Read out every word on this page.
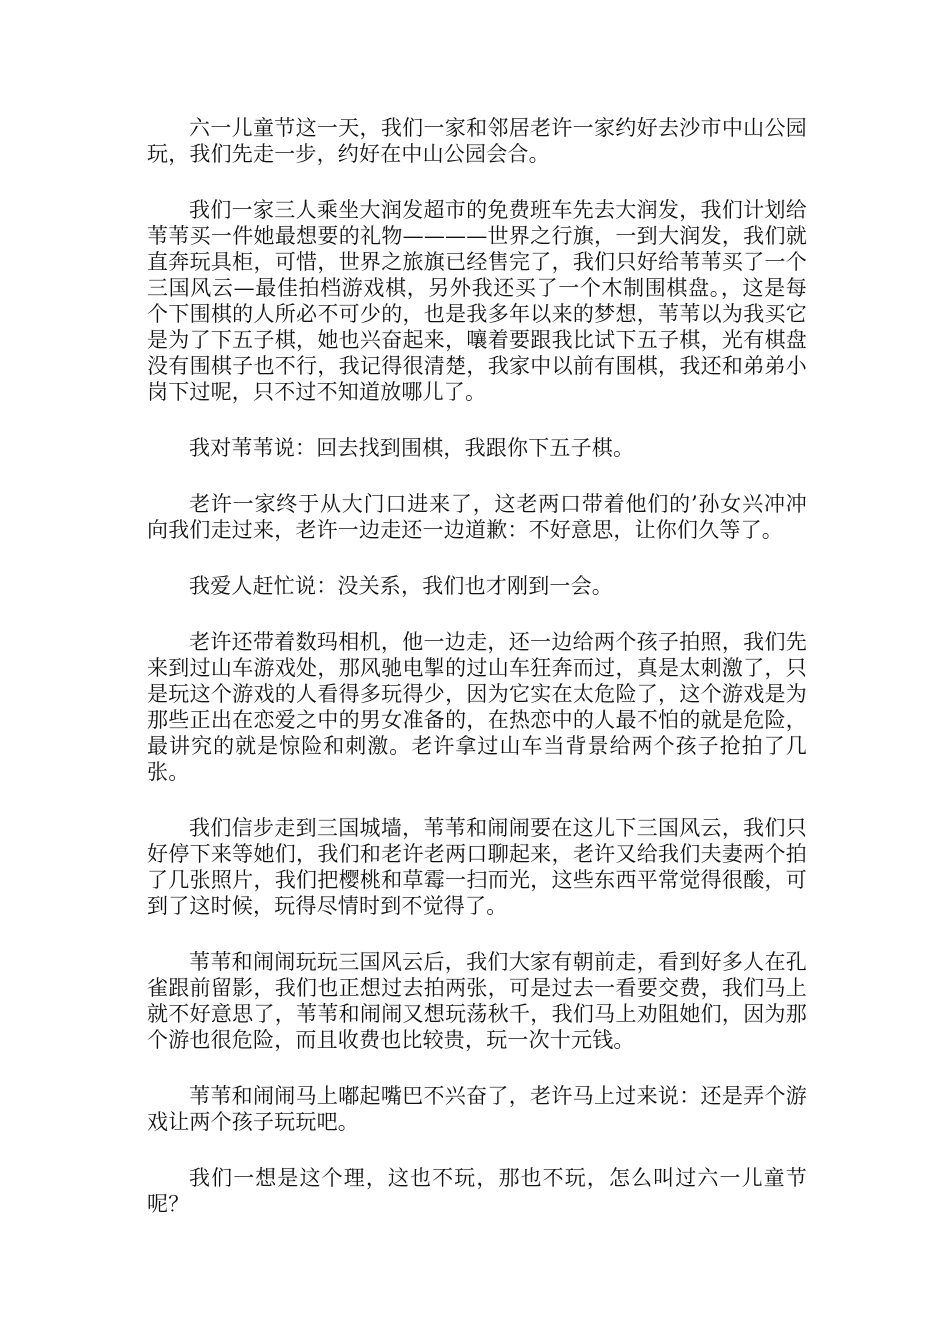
六一儿童节这一天，我们一家和邻居老许一家约好去沙市中山公园玩，我们先走一步，约好在中山公园会合。

我们一家三人乘坐大润发超市的免费班车先去大润发，我们计划给苇苇买一件她最想要的礼物————世界之行旗，一到大润发，我们就直奔玩具柜，可惜，世界之旅旗已经售完了，我们只好给苇苇买了一个三国风云—最佳拍档游戏棋，另外我还买了一个木制围棋盘。，这是每个下围棋的人所必不可少的，也是我多年以来的梦想，苇苇以为我买它是为了下五子棋，她也兴奋起来，嚷着要跟我比试下五子棋，光有棋盘没有围棋子也不行，我记得很清楚，我家中以前有围棋，我还和弟弟小岗下过呢，只不过不知道放哪儿了。

我对苇苇说：回去找到围棋，我跟你下五子棋。

老许一家终于从大门口进来了，这老两口带着他们的’孙女兴冲冲向我们走过来，老许一边走还一边道歉：不好意思，让你们久等了。

我爱人赶忙说：没关系，我们也才刚到一会。

老许还带着数玛相机，他一边走，还一边给两个孩子拍照，我们先来到过山车游戏处，那风驰电掣的过山车狂奔而过，真是太刺激了，只是玩这个游戏的人看得多玩得少，因为它实在太危险了，这个游戏是为那些正出在恋爱之中的男女准备的，在热恋中的人最不怕的就是危险，最讲究的就是惊险和刺激。老许拿过山车当背景给两个孩子抢拍了几张。

我们信步走到三国城墙，苇苇和闹闹要在这儿下三国风云，我们只好停下来等她们，我们和老许老两口聊起来，老许又给我们夫妻两个拍了几张照片，我们把樱桃和草霉一扫而光，这些东西平常觉得很酸，可到了这时候，玩得尽情时到不觉得了。

苇苇和闹闹玩玩三国风云后，我们大家有朝前走，看到好多人在孔雀跟前留影，我们也正想过去拍两张，可是过去一看要交费，我们马上就不好意思了，苇苇和闹闹又想玩荡秋千，我们马上劝阻她们，因为那个游也很危险，而且收费也比较贵，玩一次十元钱。

苇苇和闹闹马上嘟起嘴巴不兴奋了，老许马上过来说：还是弄个游戏让两个孩子玩玩吧。

我们一想是这个理，这也不玩，那也不玩，怎么叫过六一儿童节呢？
